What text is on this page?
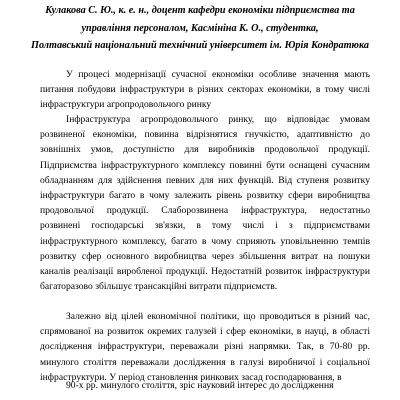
Кулакова С. Ю., к. е. н., доцент кафедри економіки підприємства та
управління персоналом, Касмініна К. О., студентка,
Полтавський національний технічний університет ім. Юрія Кондратюка

У процесі модернізації сучасної економіки особливе значення мають питання побудови інфраструктури в різних секторах економіки, в тому числі інфраструктури агропродовольчого ринку

Інфраструктура агропродовольчого ринку, що відповідає умовам розвиненої економіки, повинна відрізнятися гнучкістю, адаптивністю до зовнішніх умов, доступністю для виробників продовольчої продукції. Підприємства інфраструктурного комплексу повинні бути оснащені сучасним обладнанням для здійснення певних для них функцій. Від ступеня розвитку інфраструктури багато в чому залежить рівень розвитку сфери виробництва продовольчої продукції. Слаборозвинена інфраструктура, недостатньо розвинені господарські зв'язки, в тому числі і з підприємствами інфраструктурного комплексу, багато в чому сприяють уповільненню темпів розвитку сфер основного виробництва через збільшення витрат на пошуки каналів реалізації виробленої продукції. Недостатній розвиток інфраструктури багаторазово збільшує трансакційні витрати підприємств.

Залежно від цілей економічної політики, що проводиться в різний час, спрямованої на розвиток окремих галузей і сфер економіки, в науці, в області дослідження інфраструктури, переважали різні напрямки. Так, в 70-80 рр. минулого століття переважали дослідження в галузі виробничої і соціальної інфраструктури. У період становлення ринкових засад господарювання, в

90-х рр. минулого століття, зріс науковий інтерес до дослідження
